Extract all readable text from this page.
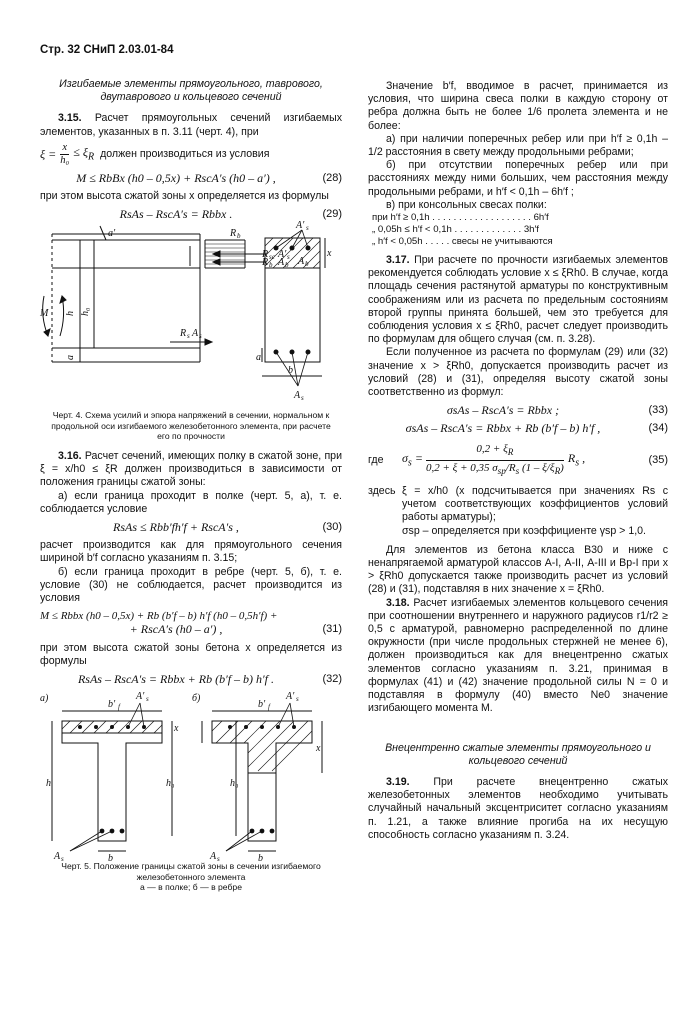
Стр. 32 СНиП 2.03.01-84

Изгибаемые элементы прямоугольного, таврового, двутаврового и кольцевого сечений

3.15. Расчет прямоугольных сечений изгибаемых элементов, указанных в п. 3.11 (черт. 4), при

$\xi = \frac{x}{\text{h₀}} \le \xi_R$ должен производиться из условия
M ≤ RbBx (h0 – 0,5x) + RscA′s (h0 – a′) ,	(28)

при этом высота сжатой зоны x определяется из формулы

RsAs – RscA′s = Rbbx .	(29)
M h h₀
a
a′	R b
R sc A′ s
R b A b
R s A s
A b
A′ s
x
b
A s
a
Черт. 4. Схема усилий и эпюра напряжений в сечении, нормальном к продольной оси изгибаемого железобетонного элемента, при расчете его по прочности

3.16. Расчет сечений, имеющих полку в сжатой зоне, при ξ = x/h0 ≤ ξR должен производиться в зависимости от положения границы сжатой зоны:

а) если граница проходит в полке (черт. 5, а), т. е. соблюдается условие

RsAs ≤ Rbb′fh′f + RscA′s ,	(30)

расчет производится как для прямоугольного сечения шириной b′f согласно указаниям п. 3.15;

б) если граница проходит в ребре (черт. 5, б), т. е. условие (30) не соблюдается, расчет производится из условия

M ≤ Rbbx (h0 – 0,5x) + Rb (b′f – b) h′f (h0 – 0,5h′f) +
+ RscA′s (h0 – a′) ,	(31)

при этом высота сжатой зоны бетона x определяется из формулы

RsAs – RscA′s = Rbbx + Rb (b′f – b) h′f .	(32)
a)	б)
b′ f	b′ f
A′ s	A′ s
h	h₀
x
h₀
b	b
A s	A s
x
Черт. 5. Положение границы сжатой зоны в сечении изгибаемого железобетонного элемента
а — в полке; б — в ребре

Значение b′f, вводимое в расчет, принимается из условия, что ширина свеса полки в каждую сторону от ребра должна быть не более 1/6 пролета элемента и не более:

а) при наличии поперечных ребер или при h′f ≥ 0,1h – 1/2 расстояния в свету между продольными ребрами;

б) при отсутствии поперечных ребер или при расстояниях между ними больших, чем расстояния между продольными ребрами, и h′f < 0,1h – 6h′f ;

в) при консольных свесах полки:

при h′f ≥ 0,1h . . . . . . . . . . . . . . . . . . . 6h′f
„ 0,05h ≤ h′f < 0,1h . . . . . . . . . . . . . 3h′f
„ h′f < 0,05h . . . . . свесы не учитываются

3.17. При расчете по прочности изгибаемых элементов рекомендуется соблюдать условие x ≤ ξRh0. В случае, когда площадь сечения растянутой арматуры по конструктивным соображениям или из расчета по предельным состояниям второй группы принята большей, чем это требуется для соблюдения условия x ≤ ξRh0, расчет следует производить по формулам для общего случая (см. п. 3.28).

Если полученное из расчета по формулам (29) или (32) значение x > ξRh0, допускается производить расчет из условий (28) и (31), определяя высоту сжатой зоны соответственно из формул:

σsAs – RscA′s = Rbbx ;	(33)
σsAs – RscA′s = Rbbx + Rb (b′f – b) h′f ,	(34)
где	$\sigma_s$ =
$0,2 + \xi_R$
0,2 + ξ + 0,35 $\sigma_{sp}/R_s$ $(1 - \xi/\xi_R)$
$R_s$ ,	(35)
здесь ξ = x/h0 (x подсчитывается при значениях Rs с учетом соответствующих коэффициентов условий работы арматуры);
σsp – определяется при коэффициенте γsp > 1,0.

Для элементов из бетона класса В30 и ниже с ненапрягаемой арматурой классов А-I, А-II, А-III и Вр-I при x > ξRh0 допускается также производить расчет из условий (28) и (31), подставляя в них значение x = ξRh0.

3.18. Расчет изгибаемых элементов кольцевого сечения при соотношении внутреннего и наружного радиусов r1/r2 ≥ 0,5 с арматурой, равномерно распределенной по длине окружности (при числе продольных стержней не менее 6), должен производиться как для внецентренно сжатых элементов согласно указаниям п. 3.21, принимая в формулах (41) и (42) значение продольной силы N = 0 и подставляя в формулу (40) вместо Ne0 значение изгибающего момента M.

Внецентренно сжатые элементы прямоугольного и кольцевого сечений

3.19. При расчете внецентренно сжатых железобетонных элементов необходимо учитывать случайный начальный эксцентриситет согласно указаниям п. 1.21, а также влияние прогиба на их несущую способность согласно указаниям п. 3.24.
